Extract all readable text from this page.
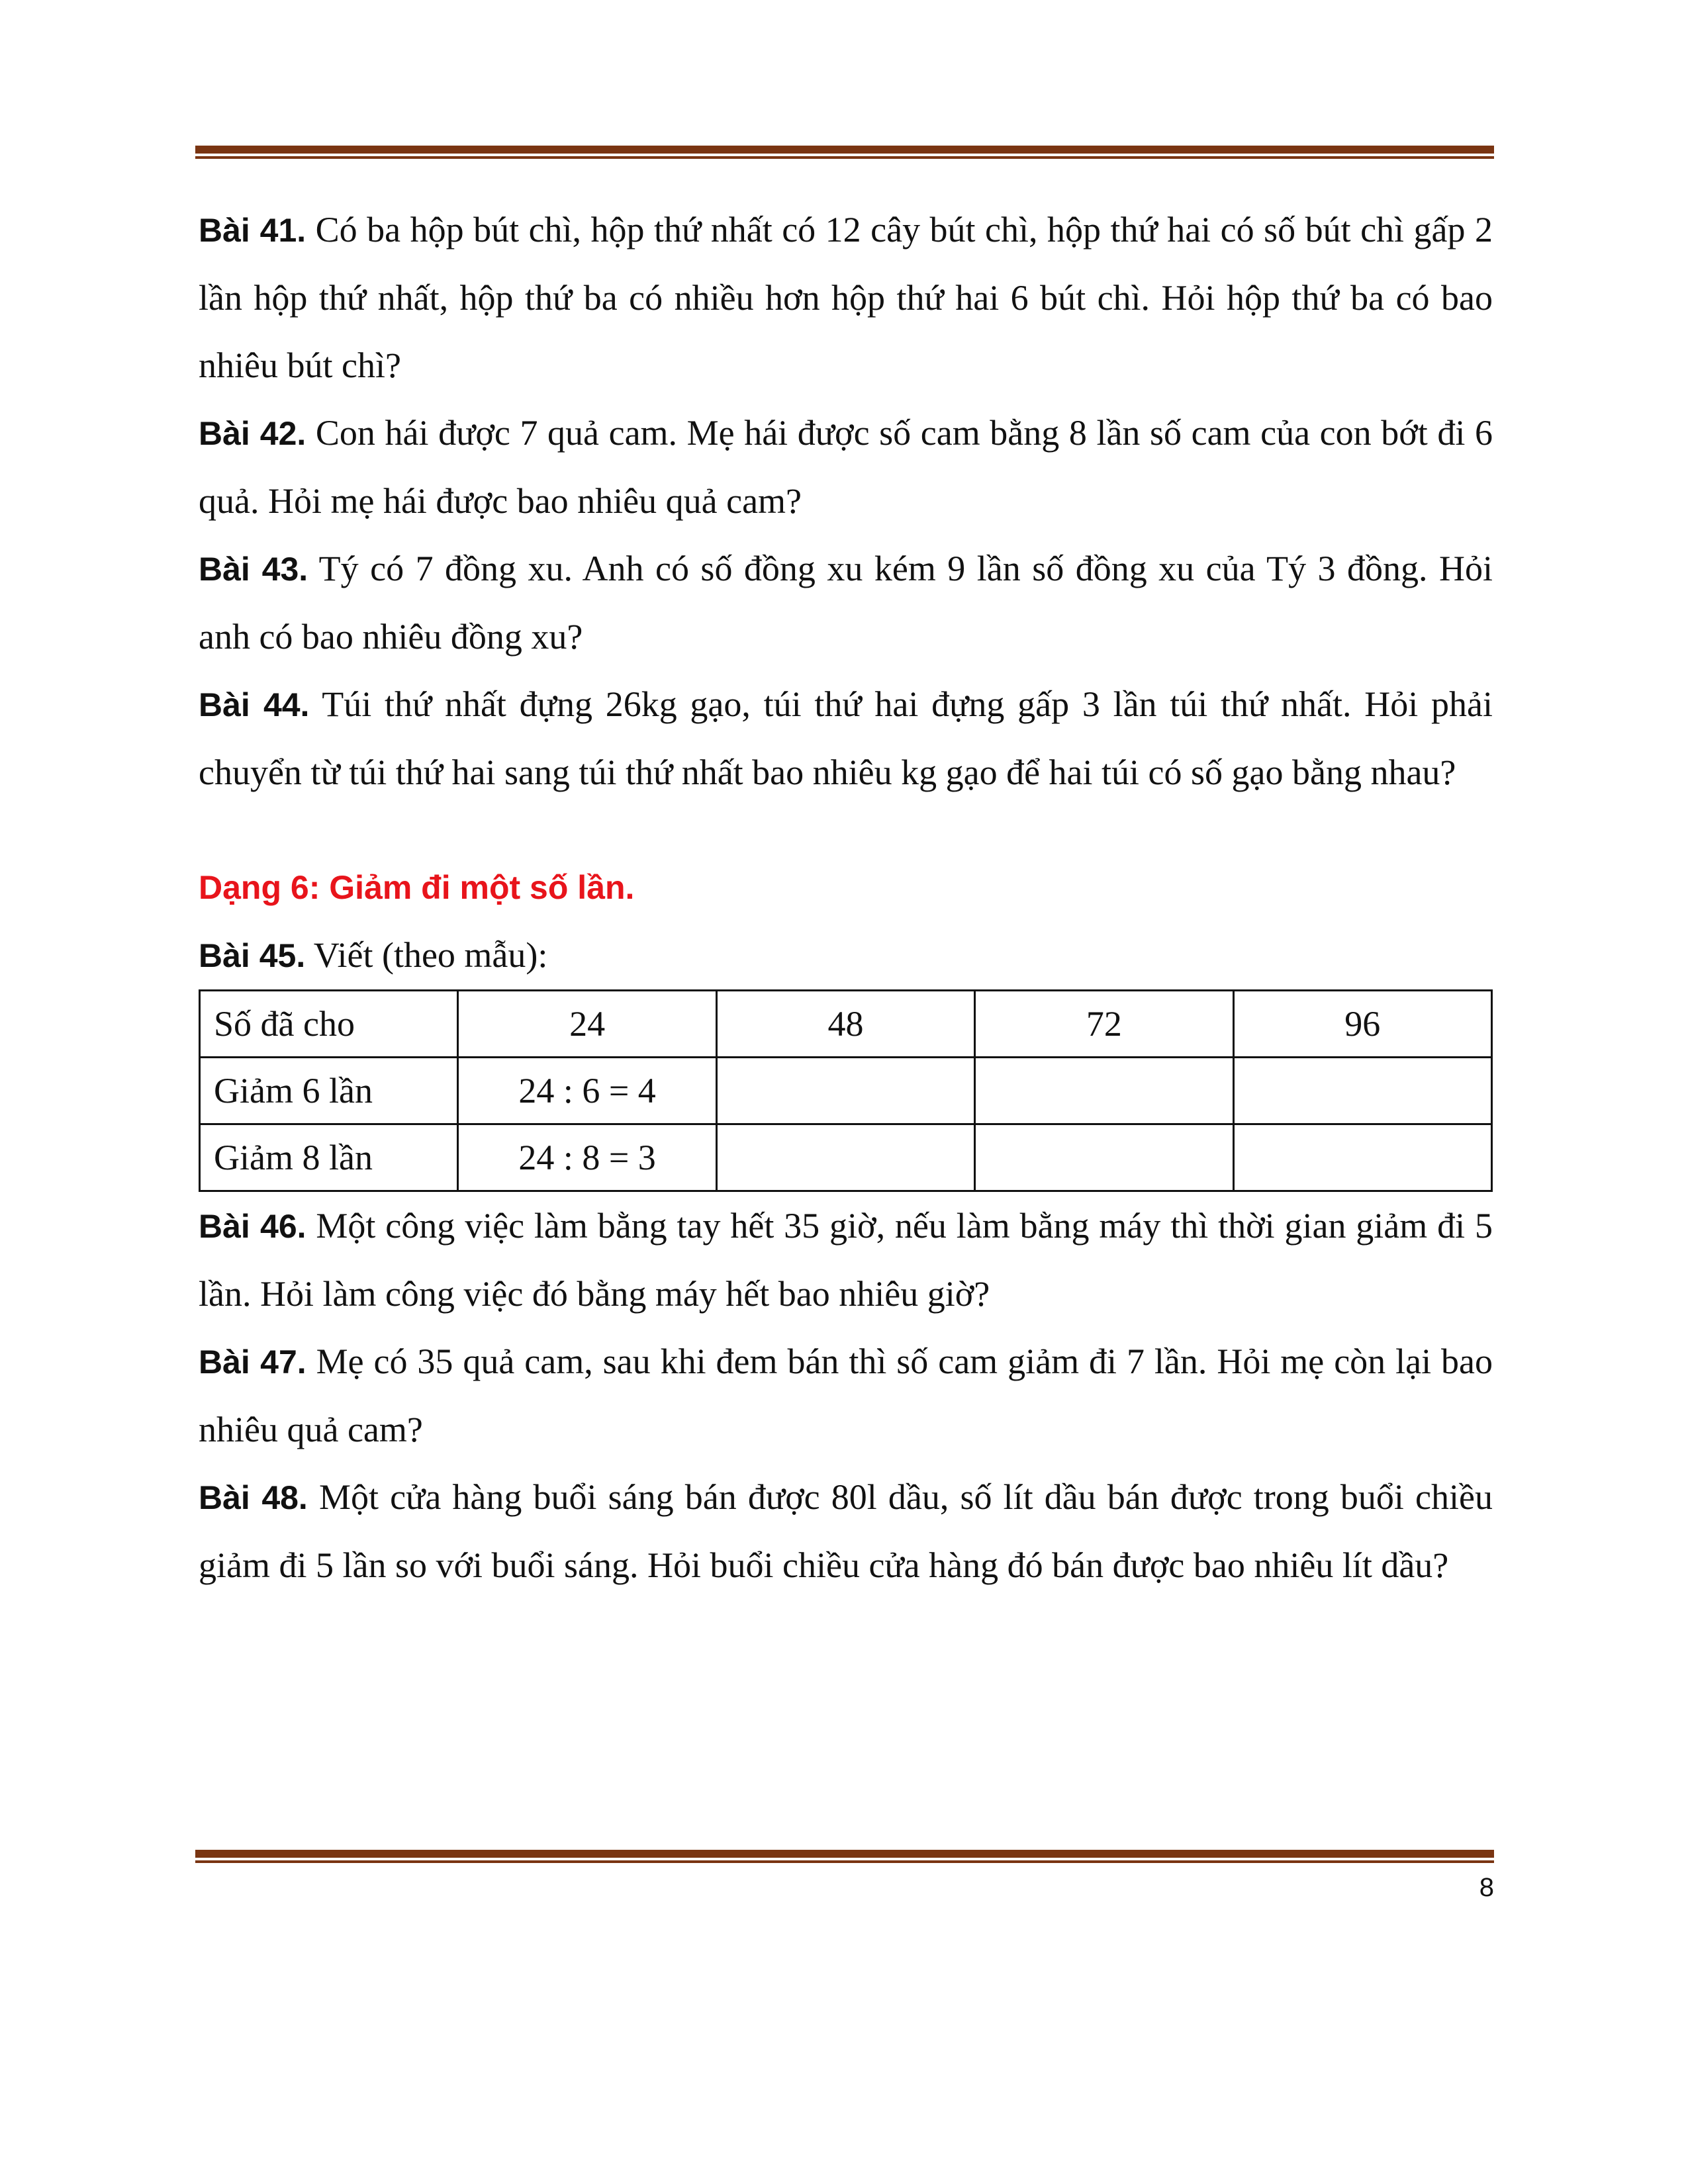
Bài 41. Có ba hộp bút chì, hộp thứ nhất có 12 cây bút chì, hộp thứ hai có số bút chì gấp 2 lần hộp thứ nhất, hộp thứ ba có nhiều hơn hộp thứ hai 6 bút chì. Hỏi hộp thứ ba có bao nhiêu bút chì?

Bài 42. Con hái được 7 quả cam. Mẹ hái được số cam bằng 8 lần số cam của con bớt đi 6 quả. Hỏi mẹ hái được bao nhiêu quả cam?

Bài 43. Tý có 7 đồng xu. Anh có số đồng xu kém 9 lần số đồng xu của Tý 3 đồng. Hỏi anh có bao nhiêu đồng xu?

Bài 44. Túi thứ nhất đựng 26kg gạo, túi thứ hai đựng gấp 3 lần túi thứ nhất. Hỏi phải chuyển từ túi thứ hai sang túi thứ nhất bao nhiêu kg gạo để hai túi có số gạo bằng nhau?

Dạng 6: Giảm đi một số lần.

Bài 45. Viết (theo mẫu):

Số đã cho	24	48	72	96
Giảm 6 lần	24 : 6 = 4			
Giảm 8 lần	24 : 8 = 3			

Bài 46. Một công việc làm bằng tay hết 35 giờ, nếu làm bằng máy thì thời gian giảm đi 5 lần. Hỏi làm công việc đó bằng máy hết bao nhiêu giờ?

Bài 47. Mẹ có 35 quả cam, sau khi đem bán thì số cam giảm đi 7 lần. Hỏi mẹ còn lại bao nhiêu quả cam?

Bài 48. Một cửa hàng buổi sáng bán được 80l dầu, số lít dầu bán được trong buổi chiều giảm đi 5 lần so với buổi sáng. Hỏi buổi chiều cửa hàng đó bán được bao nhiêu lít dầu?

8
